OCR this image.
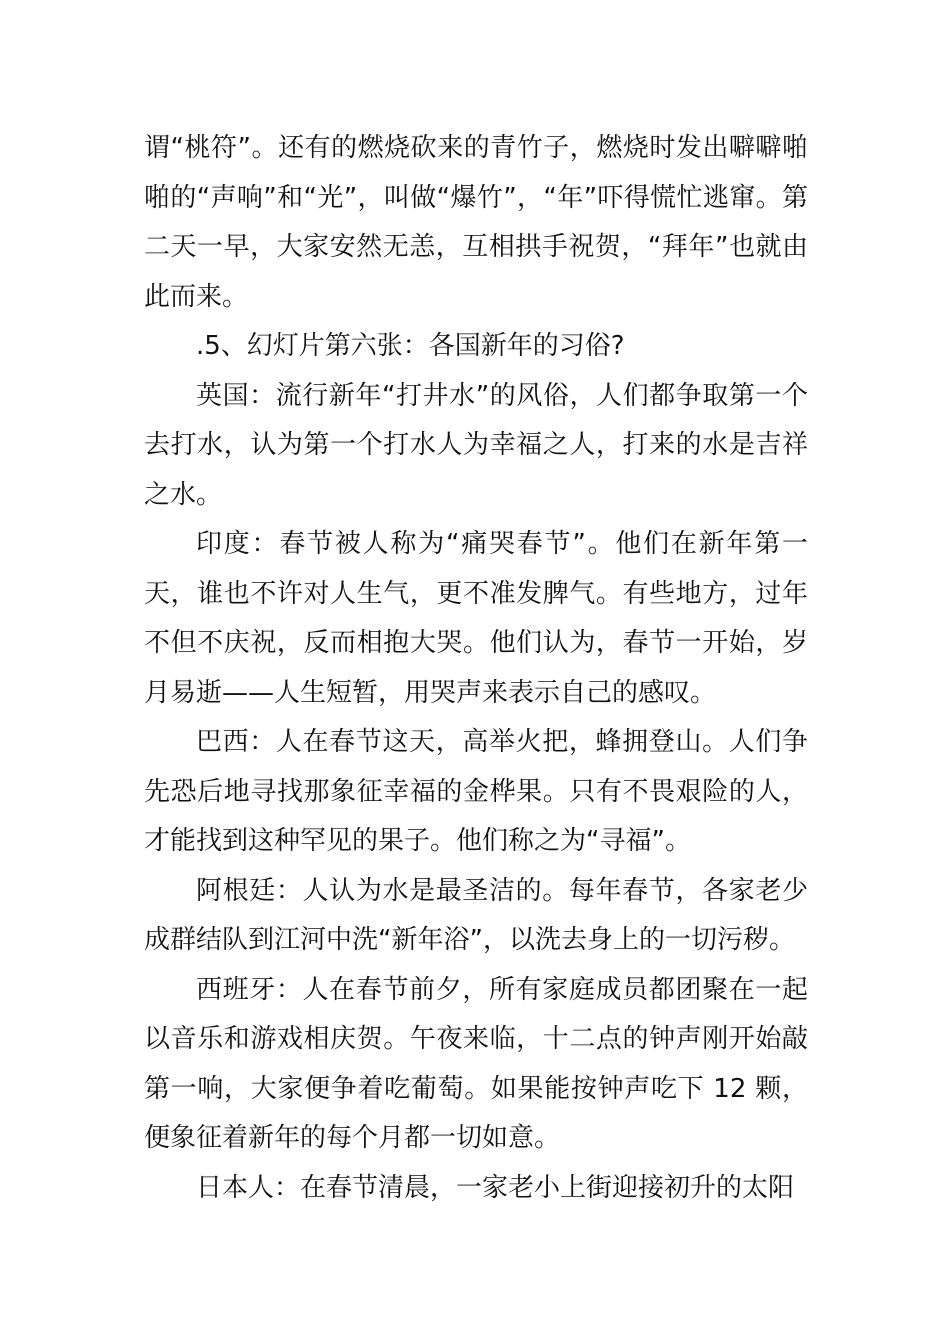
谓“桃符”。还有的燃烧砍来的青竹子，燃烧时发出噼噼啪啪的“声响”和“光”，叫做“爆竹”，“年”吓得慌忙逃窜。第二天一早，大家安然无恙，互相拱手祝贺，“拜年”也就由此而来。

.5、幻灯片第六张：各国新年的习俗?

英国：流行新年“打井水”的风俗，人们都争取第一个去打水，认为第一个打水人为幸福之人，打来的水是吉祥之水。

印度：春节被人称为“痛哭春节”。他们在新年第一天，谁也不许对人生气，更不准发脾气。有些地方，过年不但不庆祝，反而相抱大哭。他们认为，春节一开始，岁月易逝——人生短暂，用哭声来表示自己的感叹。

巴西：人在春节这天，高举火把，蜂拥登山。人们争先恐后地寻找那象征幸福的金桦果。只有不畏艰险的人，才能找到这种罕见的果子。他们称之为“寻福”。

阿根廷：人认为水是最圣洁的。每年春节，各家老少成群结队到江河中洗“新年浴”，以洗去身上的一切污秽。

西班牙：人在春节前夕，所有家庭成员都团聚在一起以音乐和游戏相庆贺。午夜来临，十二点的钟声刚开始敲第一响，大家便争着吃葡萄。如果能按钟声吃下 12 颗，便象征着新年的每个月都一切如意。

日本人：在春节清晨，一家老小上街迎接初升的太阳
